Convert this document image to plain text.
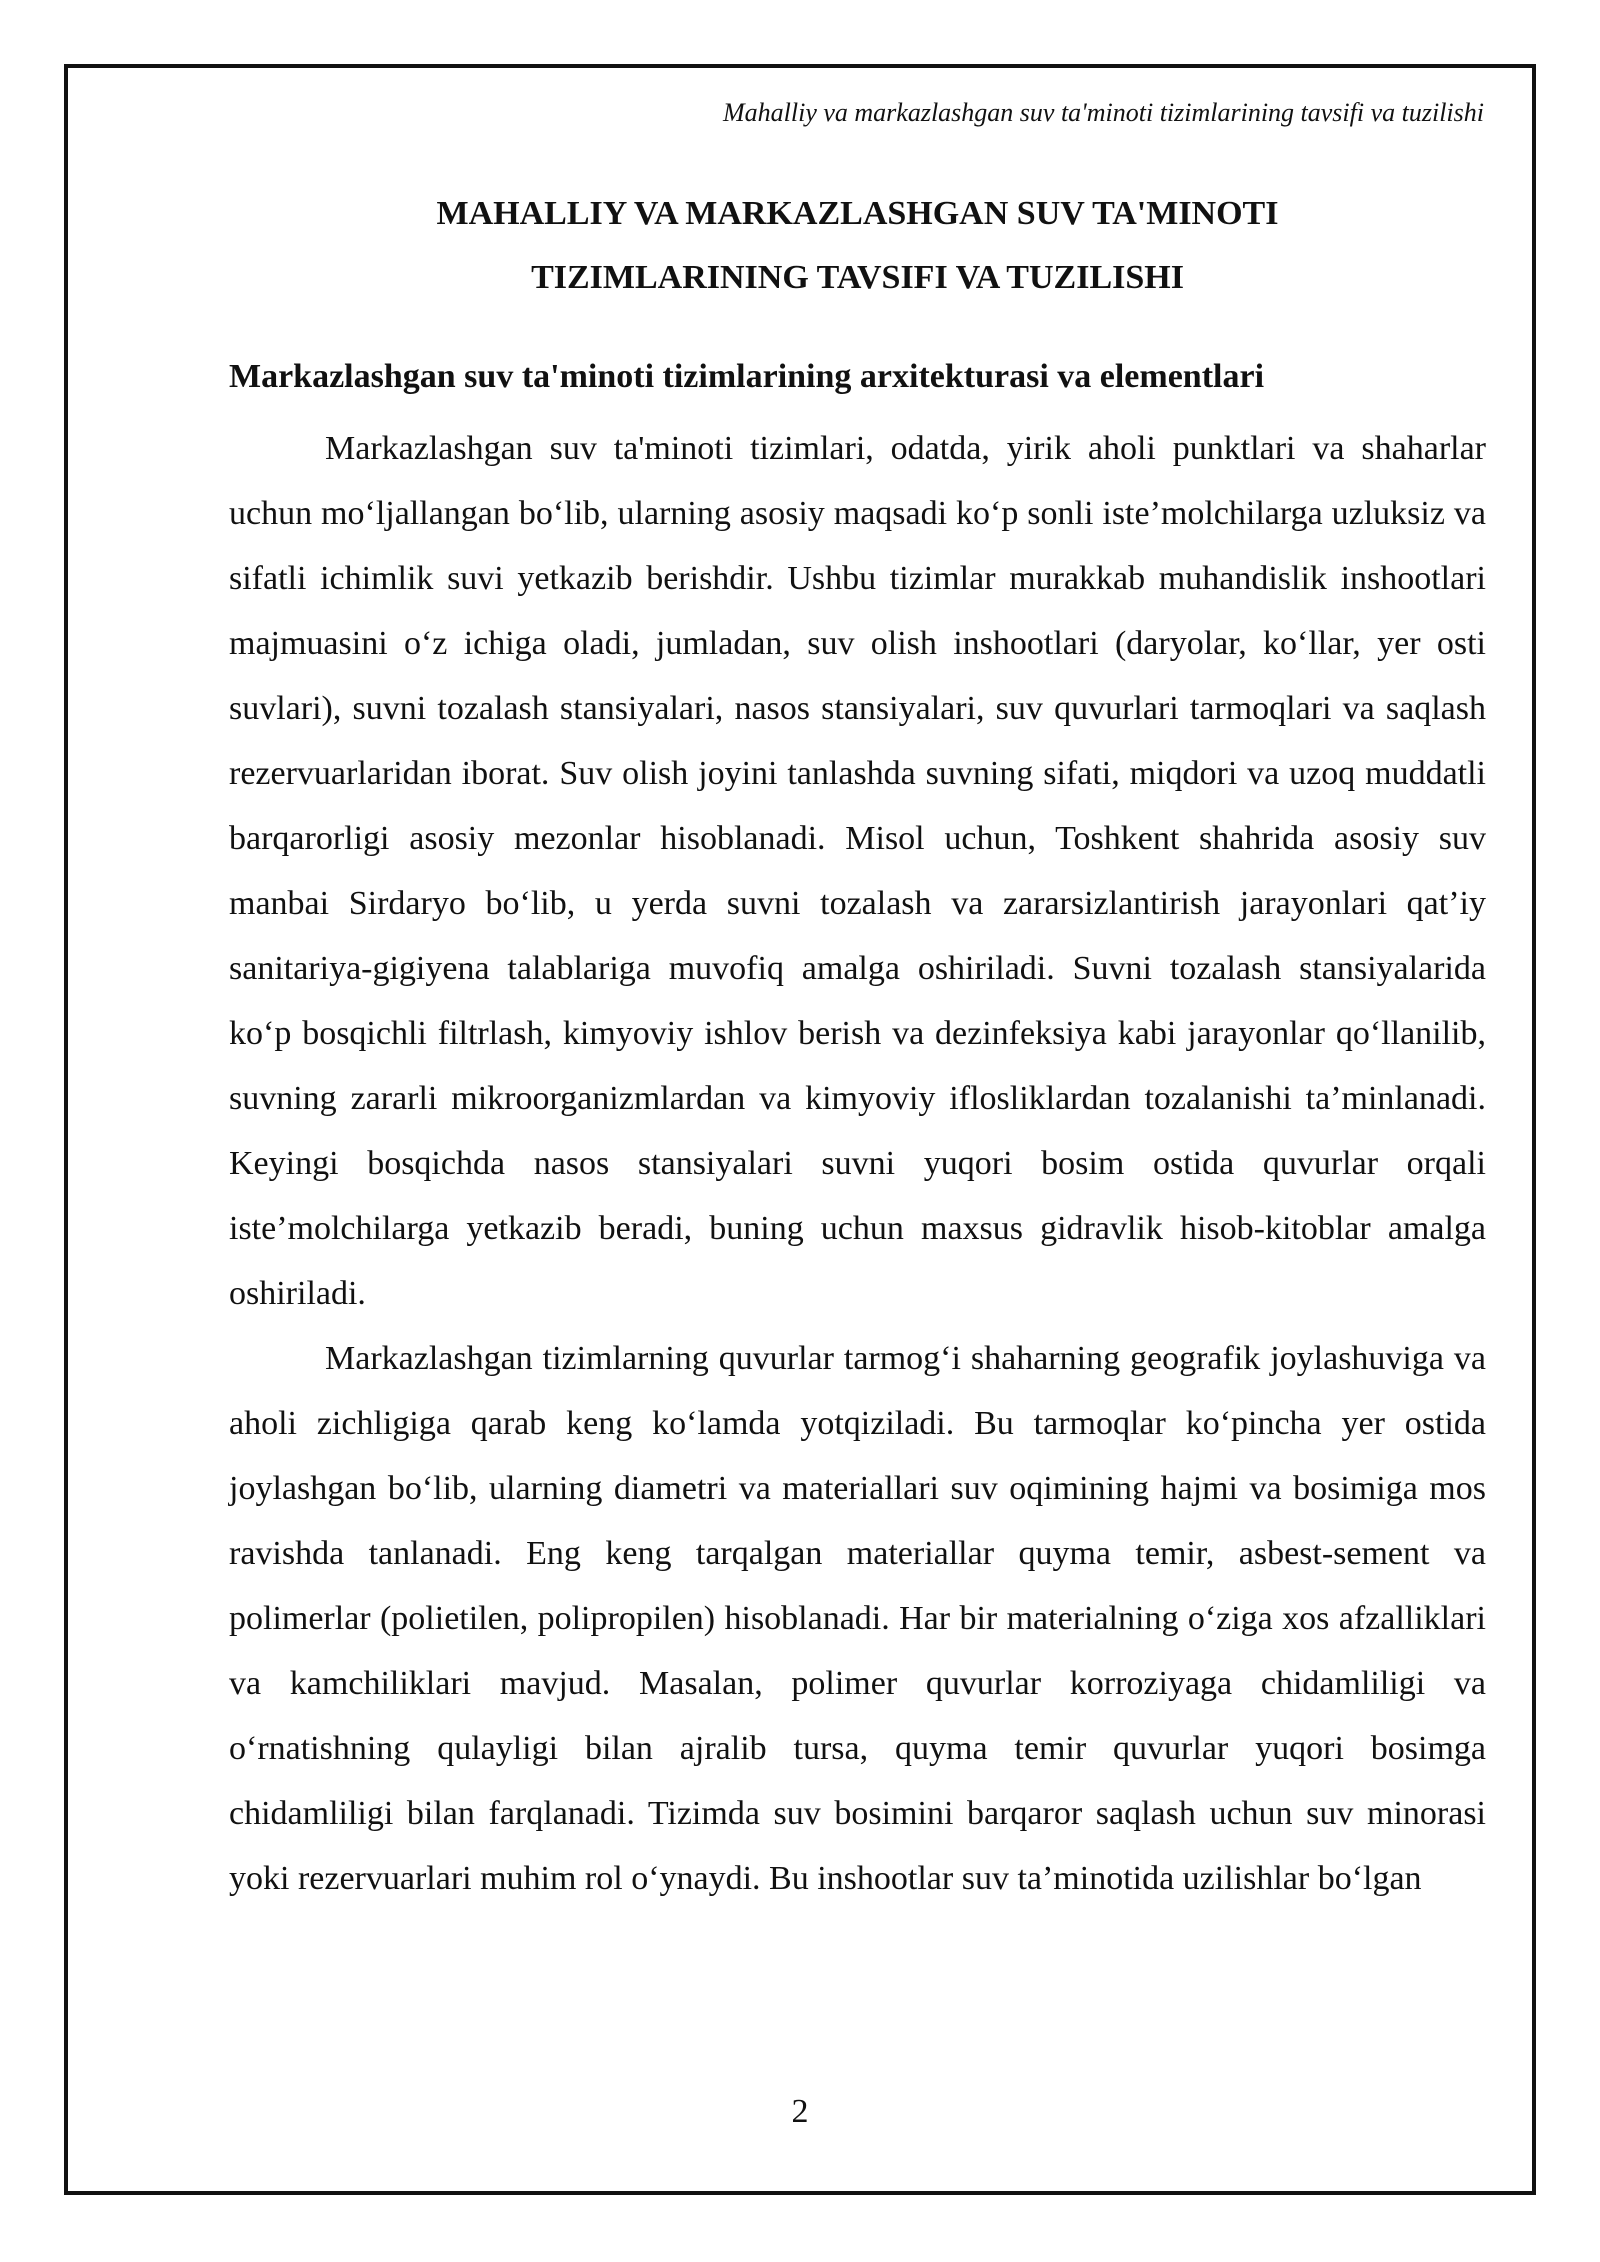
Mahalliy va markazlashgan suv ta'minoti tizimlarining tavsifi va tuzilishi
MAHALLIY VA MARKAZLASHGAN SUV TA'MINOTI
TIZIMLARINING TAVSIFI VA TUZILISHI
Markazlashgan suv ta'minoti tizimlarining arxitekturasi va elementlari

Markazlashgan suv ta'minoti tizimlari, odatda, yirik aholi punktlari va shaharlar uchun mo‘ljallangan bo‘lib, ularning asosiy maqsadi ko‘p sonli iste’molchilarga uzluksiz va sifatli ichimlik suvi yetkazib berishdir. Ushbu tizimlar murakkab muhandislik inshootlari majmuasini o‘z ichiga oladi, jumladan, suv olish inshootlari (daryolar, ko‘llar, yer osti suvlari), suvni tozalash stansiyalari, nasos stansiyalari, suv quvurlari tarmoqlari va saqlash rezervuarlaridan iborat. Suv olish joyini tanlashda suvning sifati, miqdori va uzoq muddatli barqarorligi asosiy mezonlar hisoblanadi. Misol uchun, Toshkent shahrida asosiy suv manbai Sirdaryo bo‘lib, u yerda suvni tozalash va zararsizlantirish jarayonlari qat’iy sanitariya-gigiyena talablariga muvofiq amalga oshiriladi. Suvni tozalash stansiyalarida ko‘p bosqichli filtrlash, kimyoviy ishlov berish va dezinfeksiya kabi jarayonlar qo‘llanilib, suvning zararli mikroorganizmlardan va kimyoviy iflosliklardan tozalanishi ta’minlanadi. Keyingi bosqichda nasos stansiyalari suvni yuqori bosim ostida quvurlar orqali iste’molchilarga yetkazib beradi, buning uchun maxsus gidravlik hisob-kitoblar amalga oshiriladi.

Markazlashgan tizimlarning quvurlar tarmog‘i shaharning geografik joylashuviga va aholi zichligiga qarab keng ko‘lamda yotqiziladi. Bu tarmoqlar ko‘pincha yer ostida joylashgan bo‘lib, ularning diametri va materiallari suv oqimining hajmi va bosimiga mos ravishda tanlanadi. Eng keng tarqalgan materiallar quyma temir, asbest-sement va polimerlar (polietilen, polipropilen) hisoblanadi. Har bir materialning o‘ziga xos afzalliklari va kamchiliklari mavjud. Masalan, polimer quvurlar korroziyaga chidamliligi va o‘rnatishning qulayligi bilan ajralib tursa, quyma temir quvurlar yuqori bosimga chidamliligi bilan farqlanadi. Tizimda suv bosimini barqaror saqlash uchun suv minorasi yoki rezervuarlari muhim rol o‘ynaydi. Bu inshootlar suv ta’minotida uzilishlar bo‘lgan

2
